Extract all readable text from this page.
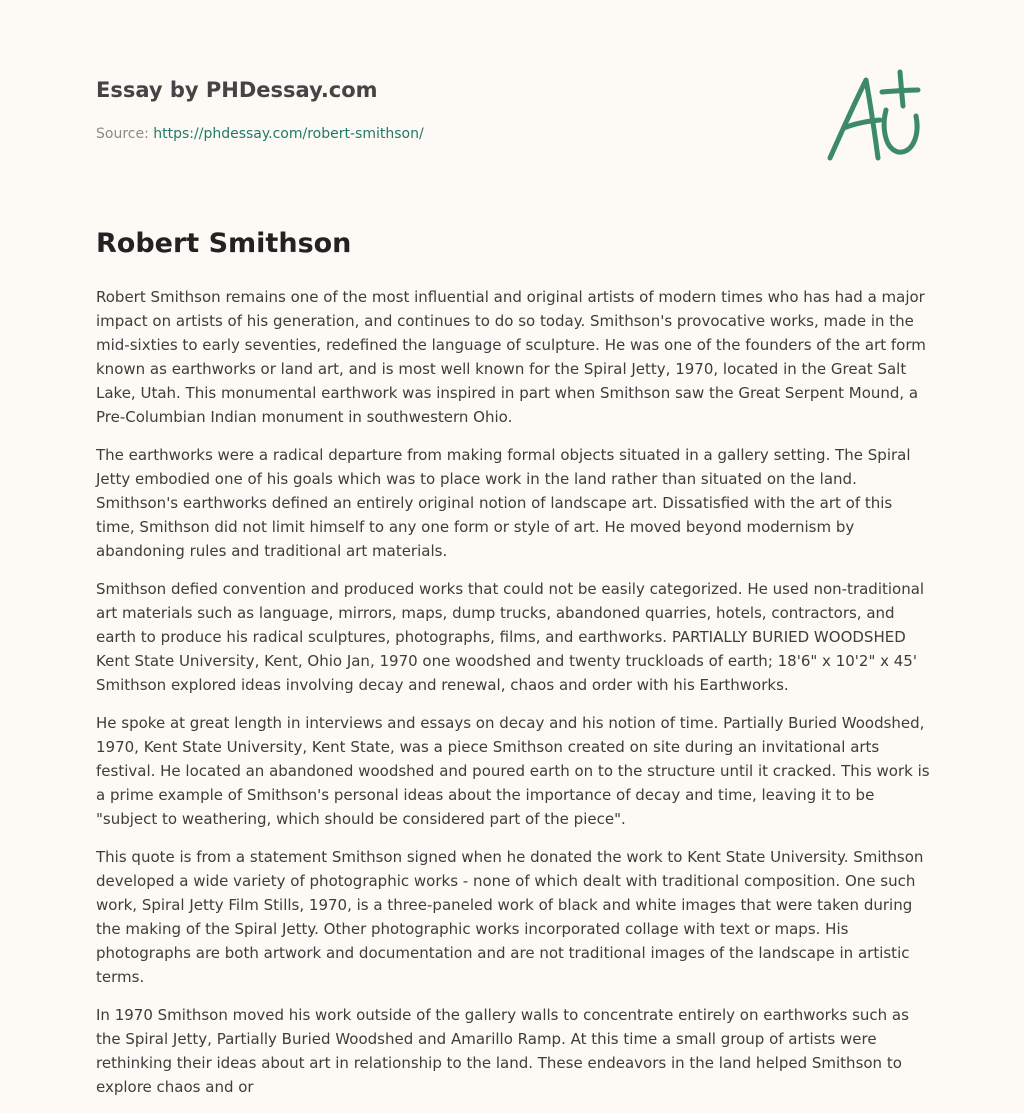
Essay by PHDessay.com
Source: https://phdessay.com/robert-smithson/
Robert Smithson

Robert Smithson remains one of the most influential and original artists of modern times who has had a major impact on artists of his generation, and continues to do so today. Smithson's provocative works, made in the mid-sixties to early seventies, redefined the language of sculpture. He was one of the founders of the art form known as earthworks or land art, and is most well known for the Spiral Jetty, 1970, located in the Great Salt Lake, Utah. This monumental earthwork was inspired in part when Smithson saw the Great Serpent Mound, a Pre-Columbian Indian monument in southwestern Ohio.

The earthworks were a radical departure from making formal objects situated in a gallery setting. The Spiral Jetty embodied one of his goals which was to place work in the land rather than situated on the land. Smithson's earthworks defined an entirely original notion of landscape art. Dissatisfied with the art of this time, Smithson did not limit himself to any one form or style of art. He moved beyond modernism by abandoning rules and traditional art materials.

Smithson defied convention and produced works that could not be easily categorized. He used non-traditional art materials such as language, mirrors, maps, dump trucks, abandoned quarries, hotels, contractors, and earth to produce his radical sculptures, photographs, films, and earthworks. PARTIALLY BURIED WOODSHED Kent State University, Kent, Ohio Jan, 1970 one woodshed and twenty truckloads of earth; 18'6" x 10'2" x 45' Smithson explored ideas involving decay and renewal, chaos and order with his Earthworks.

He spoke at great length in interviews and essays on decay and his notion of time. Partially Buried Woodshed, 1970, Kent State University, Kent State, was a piece Smithson created on site during an invitational arts festival. He located an abandoned woodshed and poured earth on to the structure until it cracked. This work is a prime example of Smithson's personal ideas about the importance of decay and time, leaving it to be "subject to weathering, which should be considered part of the piece".

This quote is from a statement Smithson signed when he donated the work to Kent State University. Smithson developed a wide variety of photographic works - none of which dealt with traditional composition. One such work, Spiral Jetty Film Stills, 1970, is a three-paneled work of black and white images that were taken during the making of the Spiral Jetty. Other photographic works incorporated collage with text or maps. His photographs are both artwork and documentation and are not traditional images of the landscape in artistic terms.

In 1970 Smithson moved his work outside of the gallery walls to concentrate entirely on earthworks such as the Spiral Jetty, Partially Buried Woodshed and Amarillo Ramp. At this time a small group of artists were rethinking their ideas about art in relationship to the land. These endeavors in the land helped Smithson to explore chaos and or
